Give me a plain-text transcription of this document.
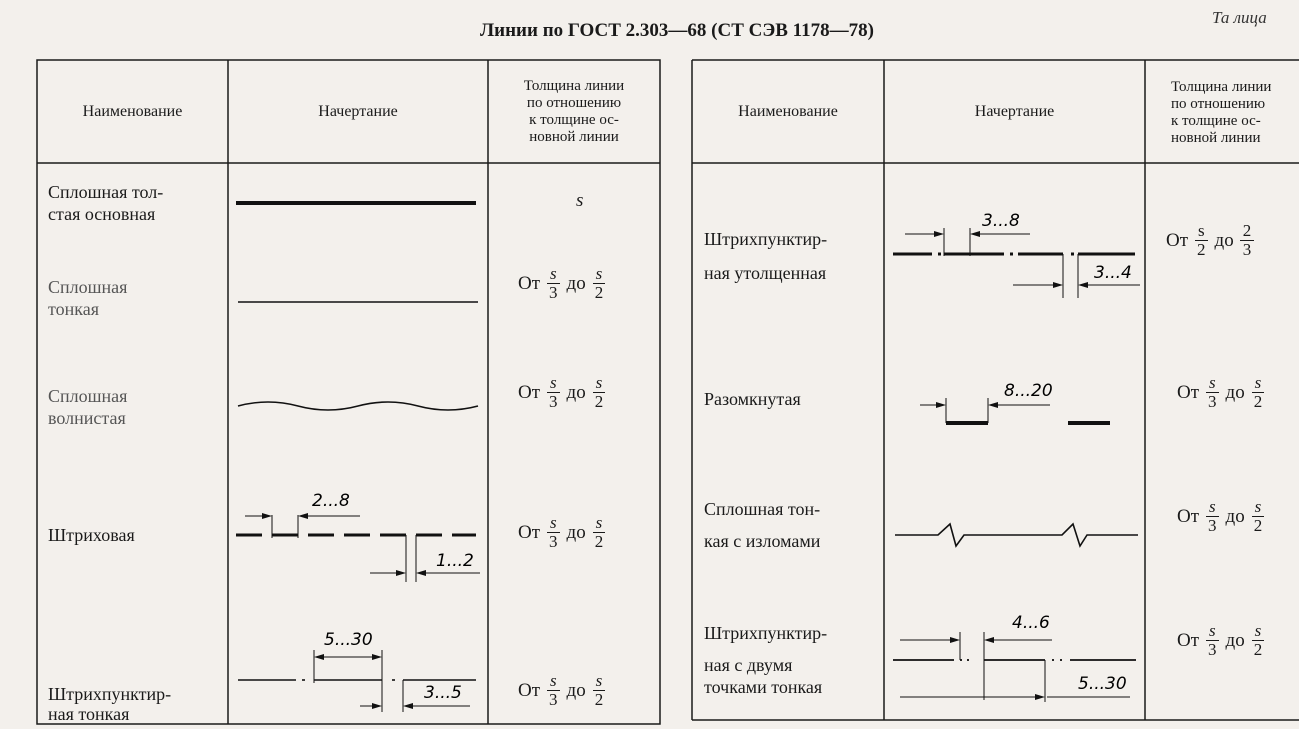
Линии по ГОСТ 2.303—68 (СТ СЭВ 1178—78)
Та лица
2...8
1...2
5...30
3...5
3...8
3...4
8...20
4...6
5...30
Наименование	Начертание
Толщина линии
по отношению
к толщине ос-
новной линии
Наименование	Начертание
Толщина линии
по отношению
к толщине ос-
новной линии
Сплошная тол-
стая основная
Сплошная
тонкая
Сплошная
волнистая
Штриховая
Штрихпунктир-
ная тонкая
s
От $\frac{s}{3}$ до $\frac{s}{2}$
От $\frac{s}{3}$ до $\frac{s}{2}$
От $\frac{s}{3}$ до $\frac{s}{2}$
От $\frac{s}{3}$ до $\frac{s}{2}$
Штрихпунктир-
ная утолщенная
Разомкнутая
Сплошная тон-
кая с изломами
Штрихпунктир-
ная с двумя
точками тонкая
От $\frac{s}{2}$ до $\frac{2}{3}$
От $\frac{s}{3}$ до $\frac{s}{2}$
От $\frac{s}{3}$ до $\frac{s}{2}$
От $\frac{s}{3}$ до $\frac{s}{2}$
